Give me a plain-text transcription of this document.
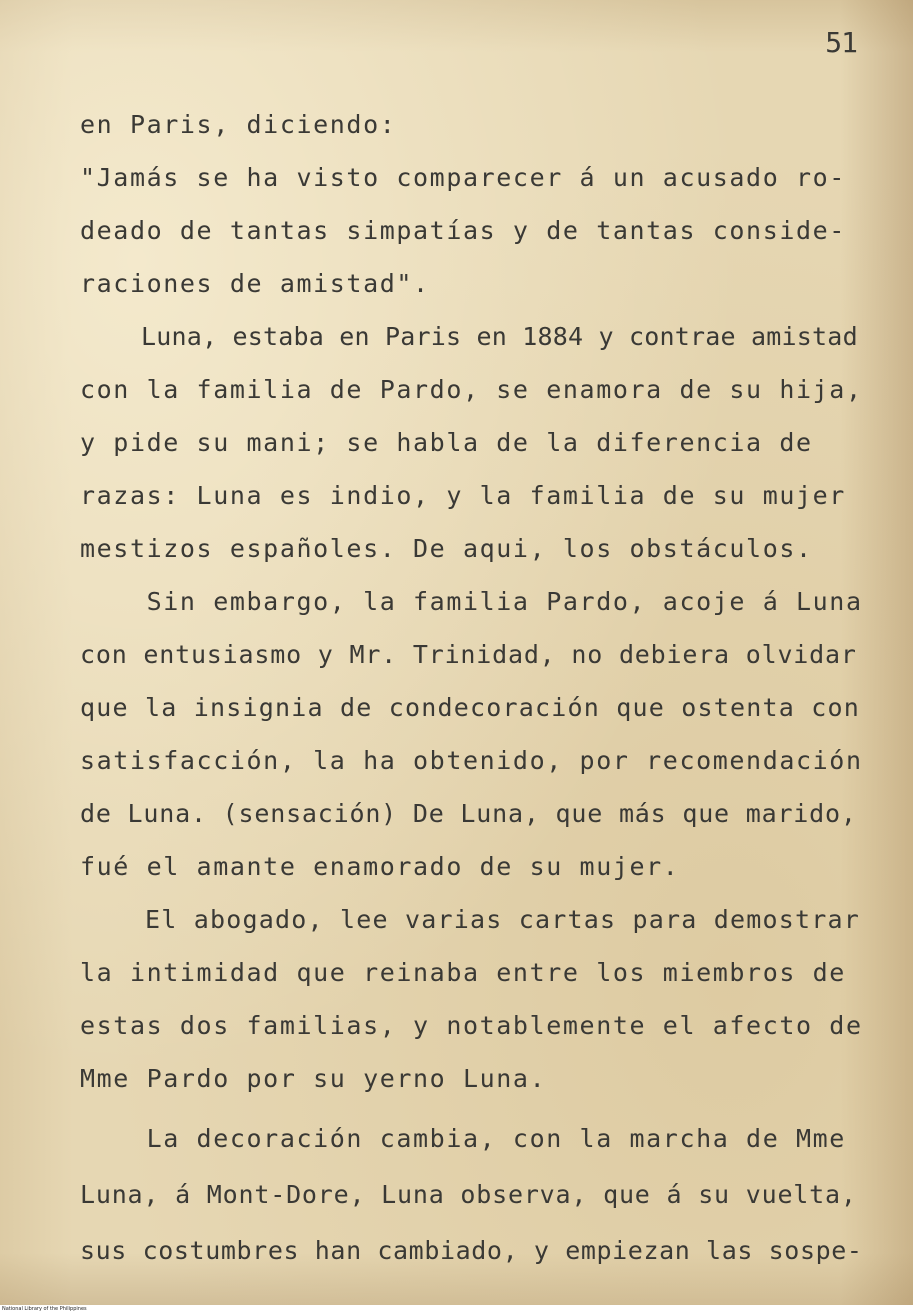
51
en Paris, diciendo:
"Jamás se ha visto comparecer á un acusado ro-
deado de tantas simpatías y de tantas conside-
raciones de amistad".
Luna, estaba en Paris en 1884 y contrae amistad
con la familia de Pardo, se enamora de su hija,
y pide su mani; se habla de la diferencia de
razas: Luna es indio, y la familia de su mujer
mestizos españoles. De aqui, los obstáculos.
Sin embargo, la familia Pardo, acoje á Luna
con entusiasmo y Mr. Trinidad, no debiera olvidar
que la insignia de condecoración que ostenta con
satisfacción, la ha obtenido, por recomendación
de Luna. (sensación) De Luna, que más que marido,
fué el amante enamorado de su mujer.
El abogado, lee varias cartas para demostrar
la intimidad que reinaba entre los miembros de
estas dos familias, y notablemente el afecto de
Mme Pardo por su yerno Luna.
La decoración cambia, con la marcha de Mme
Luna, á Mont-Dore, Luna observa, que á su vuelta,
sus costumbres han cambiado, y empiezan las sospe-
National Library of the Philippines
